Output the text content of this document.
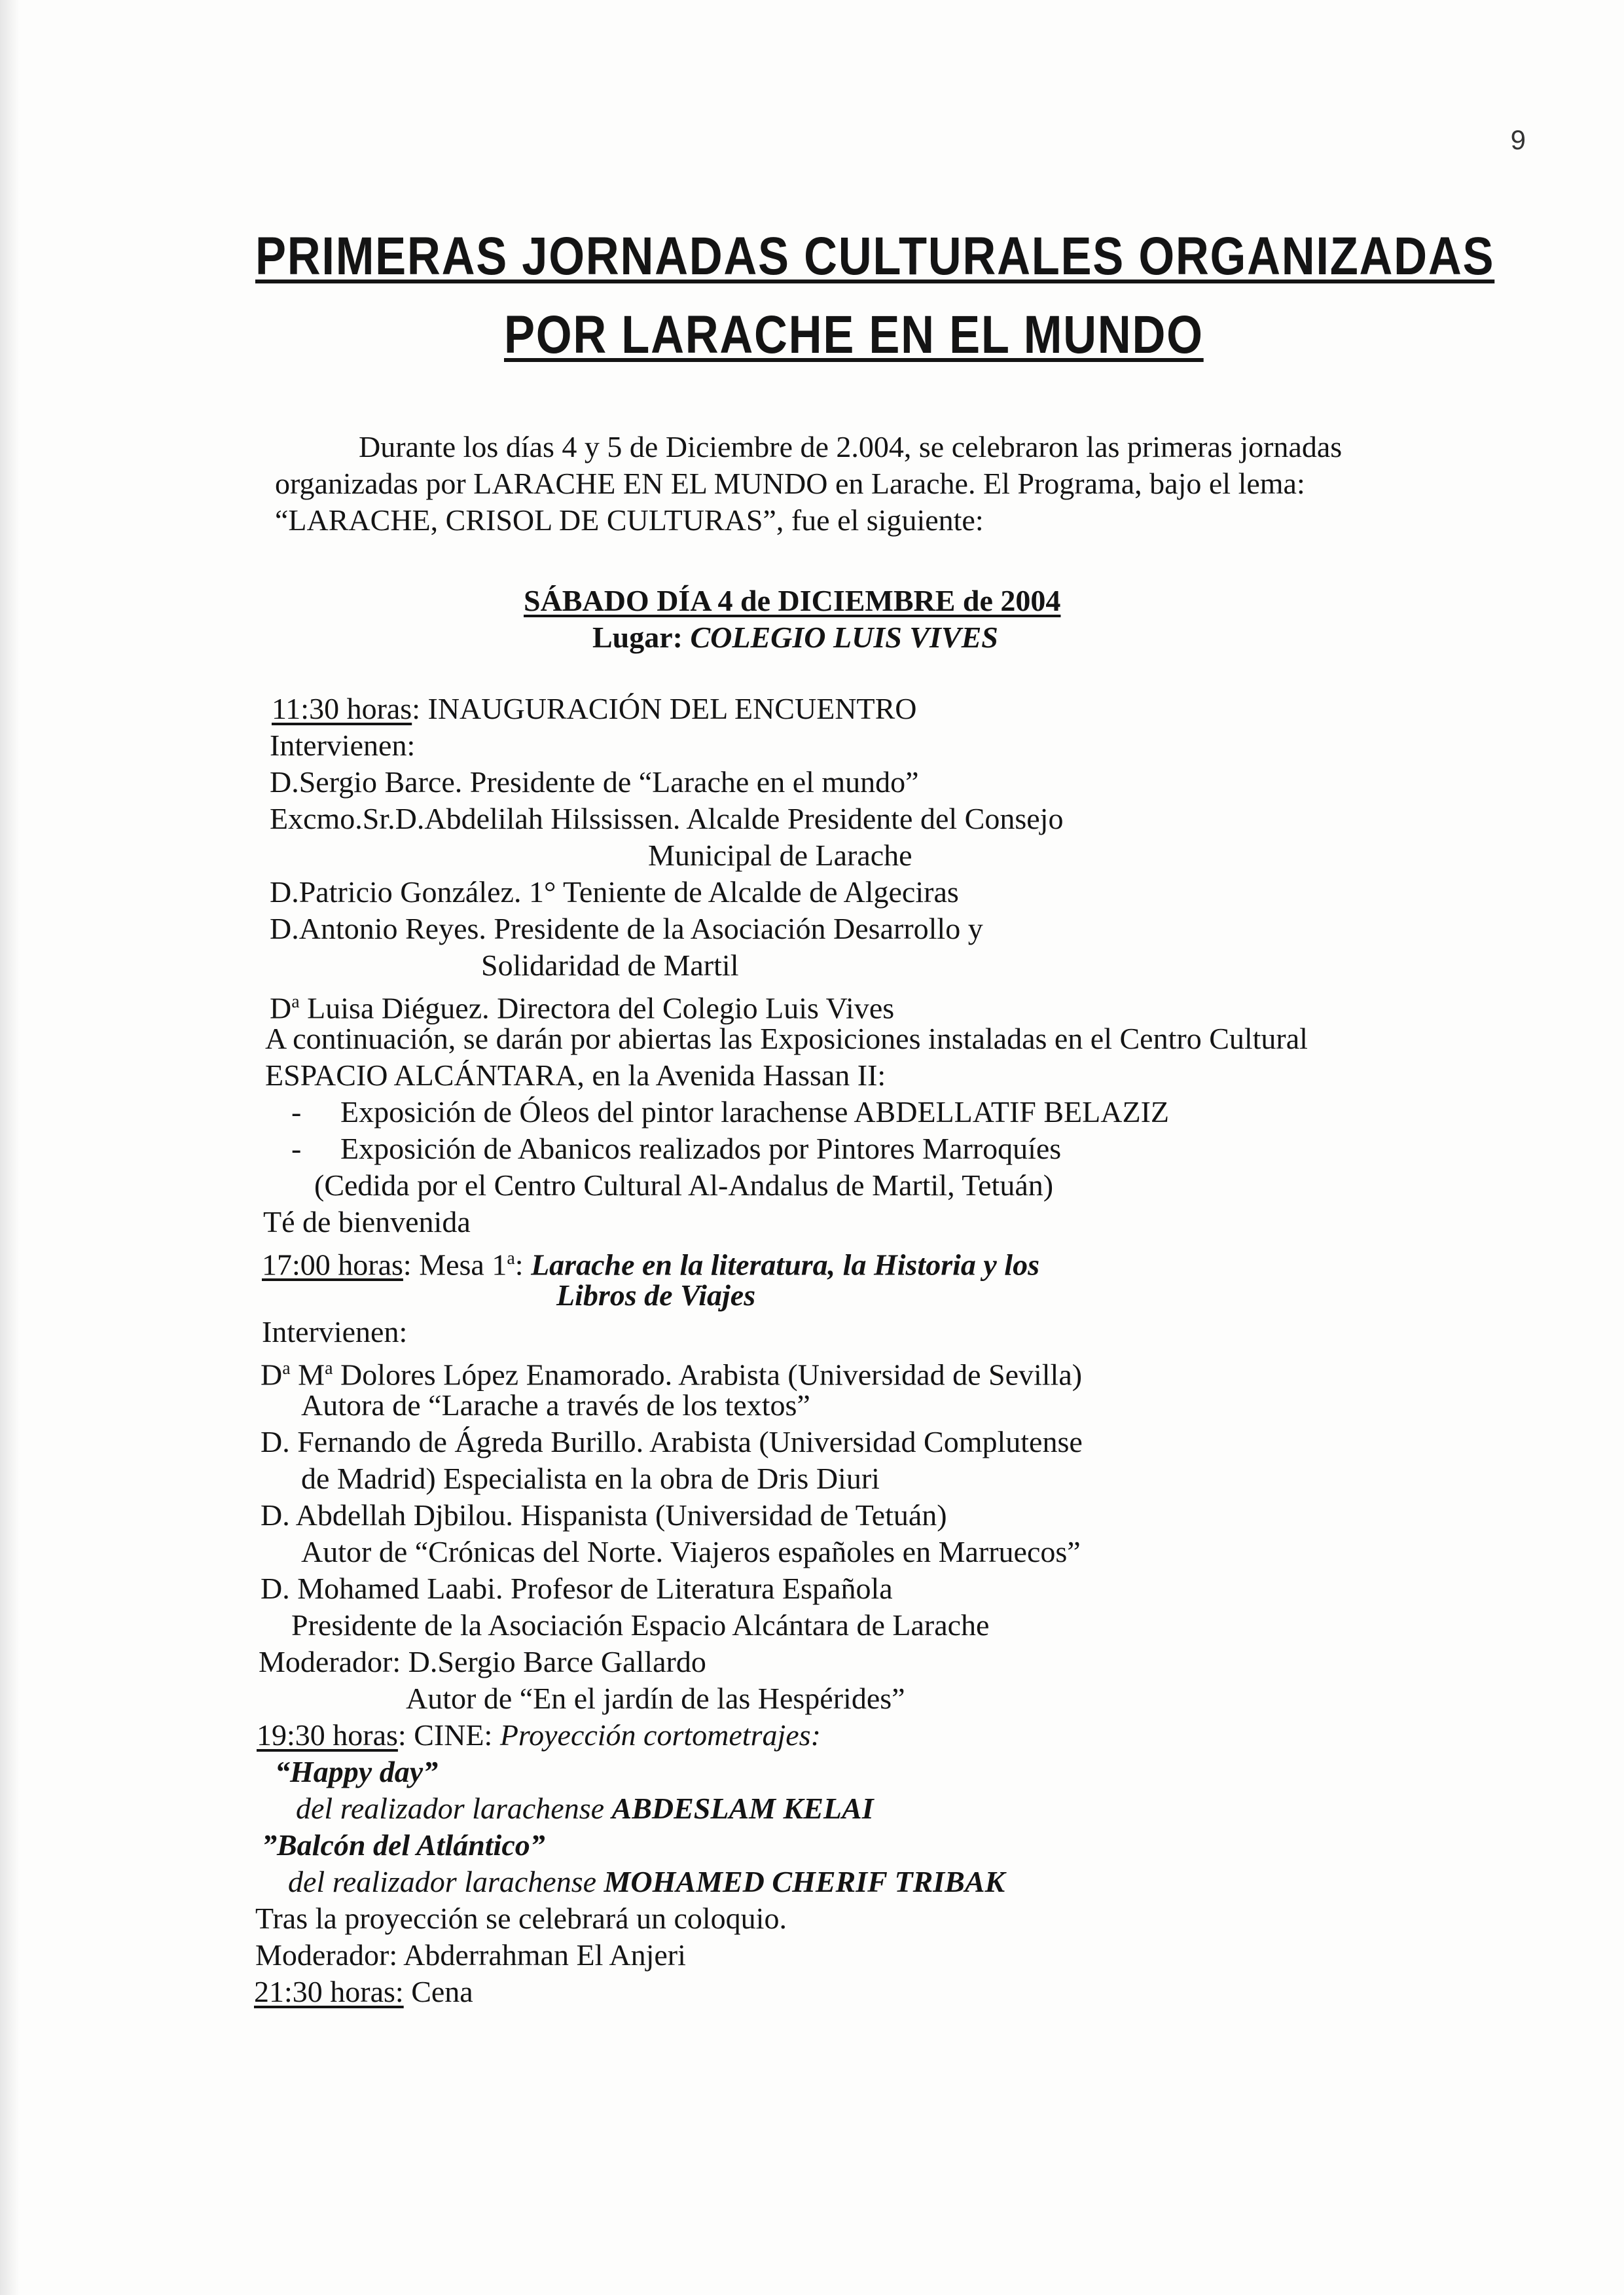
9
PRIMERAS JORNADAS CULTURALES ORGANIZADAS
POR LARACHE EN EL MUNDO
Durante los días 4 y 5 de Diciembre de 2.004, se celebraron las primeras jornadas
organizadas por LARACHE EN EL MUNDO en Larache. El Programa, bajo el lema:
“LARACHE, CRISOL DE CULTURAS”, fue el siguiente:
SÁBADO DÍA 4 de DICIEMBRE de 2004
Lugar: COLEGIO LUIS VIVES
11:30 horas: INAUGURACIÓN DEL ENCUENTRO
Intervienen:
D.Sergio Barce. Presidente de “Larache en el mundo”
Excmo.Sr.D.Abdelilah Hilssissen. Alcalde Presidente del Consejo
Municipal de Larache
D.Patricio González. 1° Teniente de Alcalde de Algeciras
D.Antonio Reyes. Presidente de la Asociación Desarrollo y
Solidaridad de Martil
$D^a$ Luisa Diéguez. Directora del Colegio Luis Vives
A continuación, se darán por abiertas las Exposiciones instaladas en el Centro Cultural
ESPACIO ALCÁNTARA, en la Avenida Hassan II:
- Exposición de Óleos del pintor larachense ABDELLATIF BELAZIZ
- Exposición de Abanicos realizados por Pintores Marroquíes
(Cedida por el Centro Cultural Al-Andalus de Martil, Tetuán)
Té de bienvenida
17:00 horas: Mesa 1$^a$: Larache en la literatura, la Historia y los
Libros de Viajes
Intervienen:
$D^a$ $M^a$ Dolores López Enamorado. Arabista (Universidad de Sevilla)
Autora de “Larache a través de los textos”
D. Fernando de Ágreda Burillo. Arabista (Universidad Complutense
de Madrid) Especialista en la obra de Dris Diuri
D. Abdellah Djbilou. Hispanista (Universidad de Tetuán)
Autor de “Crónicas del Norte. Viajeros españoles en Marruecos”
D. Mohamed Laabi. Profesor de Literatura Española
Presidente de la Asociación Espacio Alcántara de Larache
Moderador: D.Sergio Barce Gallardo
Autor de “En el jardín de las Hespérides”
19:30 horas: CINE: Proyección cortometrajes:
“Happy day”
del realizador larachense ABDESLAM KELAI
”Balcón del Atlántico”
del realizador larachense MOHAMED CHERIF TRIBAK
Tras la proyección se celebrará un coloquio.
Moderador: Abderrahman El Anjeri
21:30 horas: Cena
